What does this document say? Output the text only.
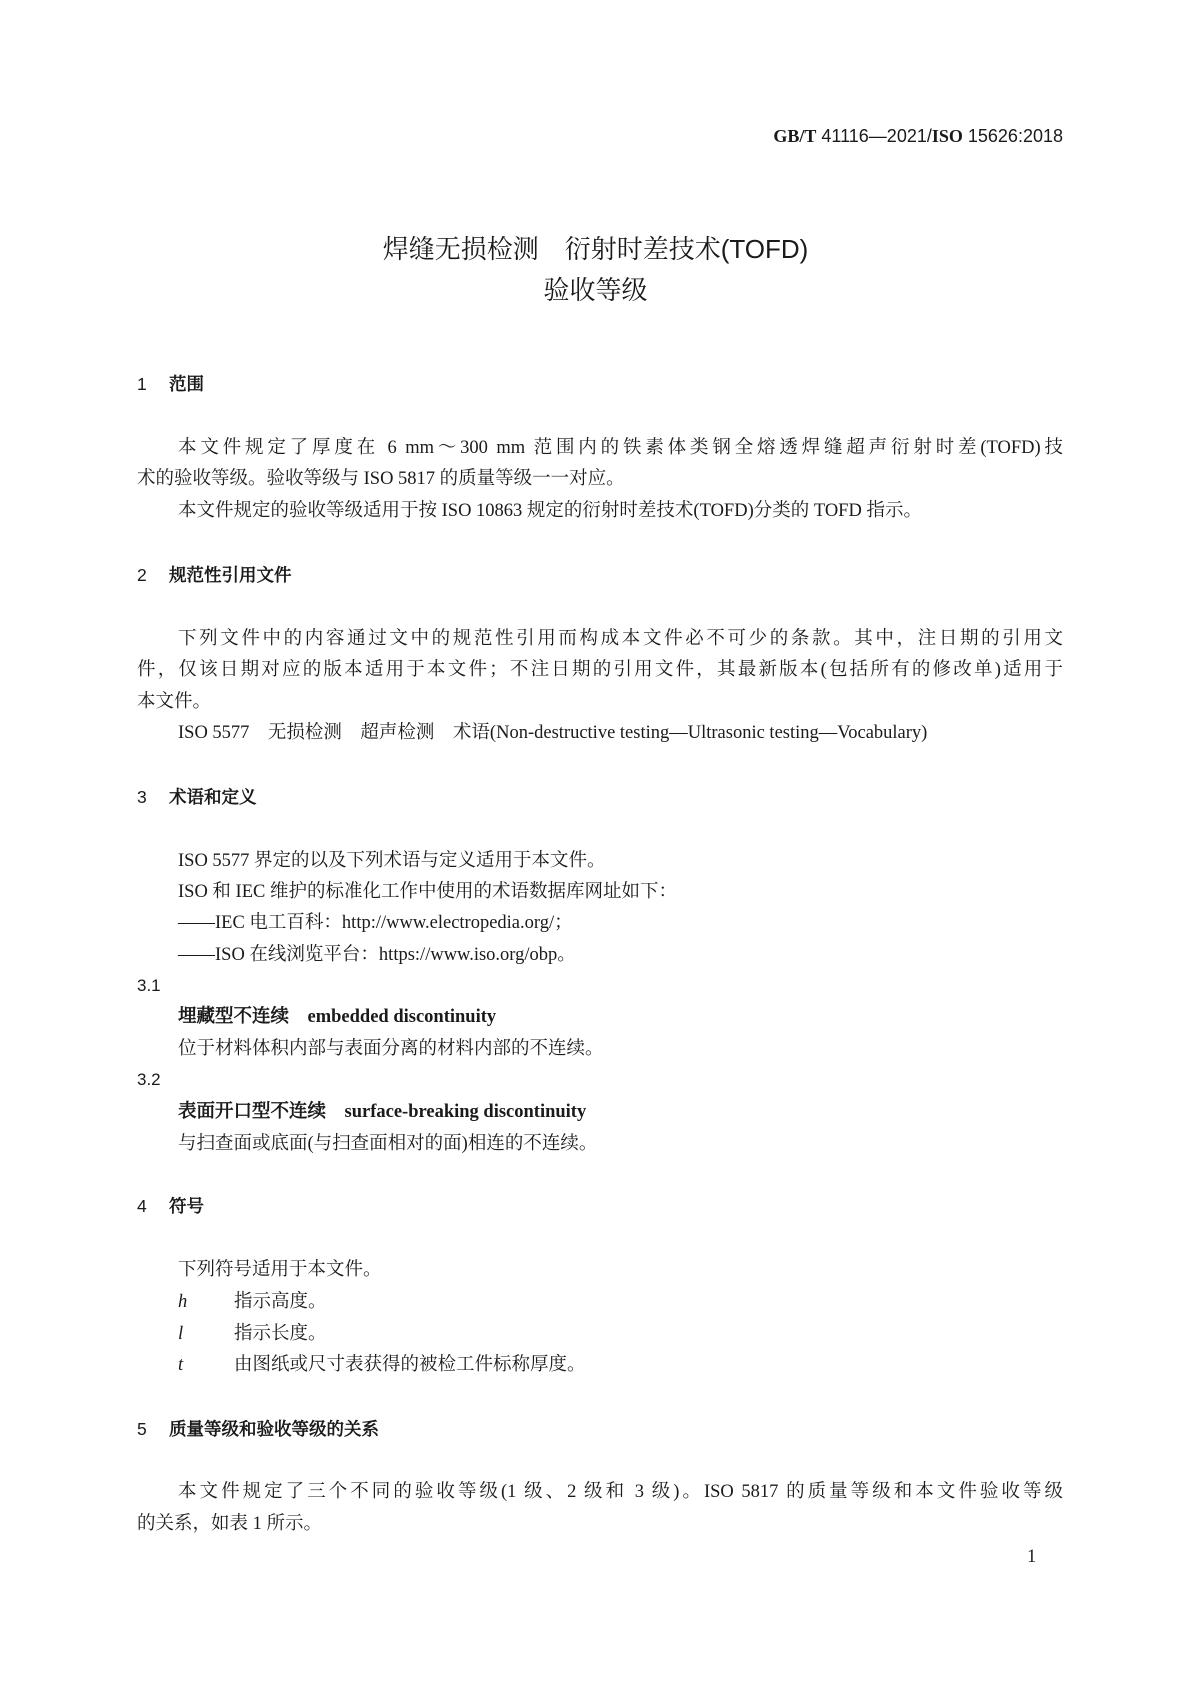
GB/T 41116—2021/ISO 15626:2018
焊缝无损检测　衍射时差技术(TOFD)
验收等级
1 范围
本文件规定了厚度在 6 mm～300 mm 范围内的铁素体类钢全熔透焊缝超声衍射时差(TOFD)技
术的验收等级。验收等级与 ISO 5817 的质量等级一一对应。
本文件规定的验收等级适用于按 ISO 10863 规定的衍射时差技术(TOFD)分类的 TOFD 指示。
2 规范性引用文件
下列文件中的内容通过文中的规范性引用而构成本文件必不可少的条款。其中，注日期的引用文
件，仅该日期对应的版本适用于本文件；不注日期的引用文件，其最新版本(包括所有的修改单)适用于
本文件。
ISO 5577　无损检测　超声检测　术语(Non-destructive testing—Ultrasonic testing—Vocabulary)
3 术语和定义
ISO 5577 界定的以及下列术语与定义适用于本文件。
ISO 和 IEC 维护的标准化工作中使用的术语数据库网址如下：
——IEC 电工百科：http://www.electropedia.org/；
——ISO 在线浏览平台：https://www.iso.org/obp。
3.1
埋藏型不连续　embedded discontinuity
位于材料体积内部与表面分离的材料内部的不连续。
3.2
表面开口型不连续　surface-breaking discontinuity
与扫查面或底面(与扫查面相对的面)相连的不连续。
4 符号
下列符号适用于本文件。
h	指示高度。
l	指示长度。
t	由图纸或尺寸表获得的被检工件标称厚度。
5 质量等级和验收等级的关系
本文件规定了三个不同的验收等级(1 级、2 级和 3 级)。ISO 5817 的质量等级和本文件验收等级
的关系，如表 1 所示。
1
